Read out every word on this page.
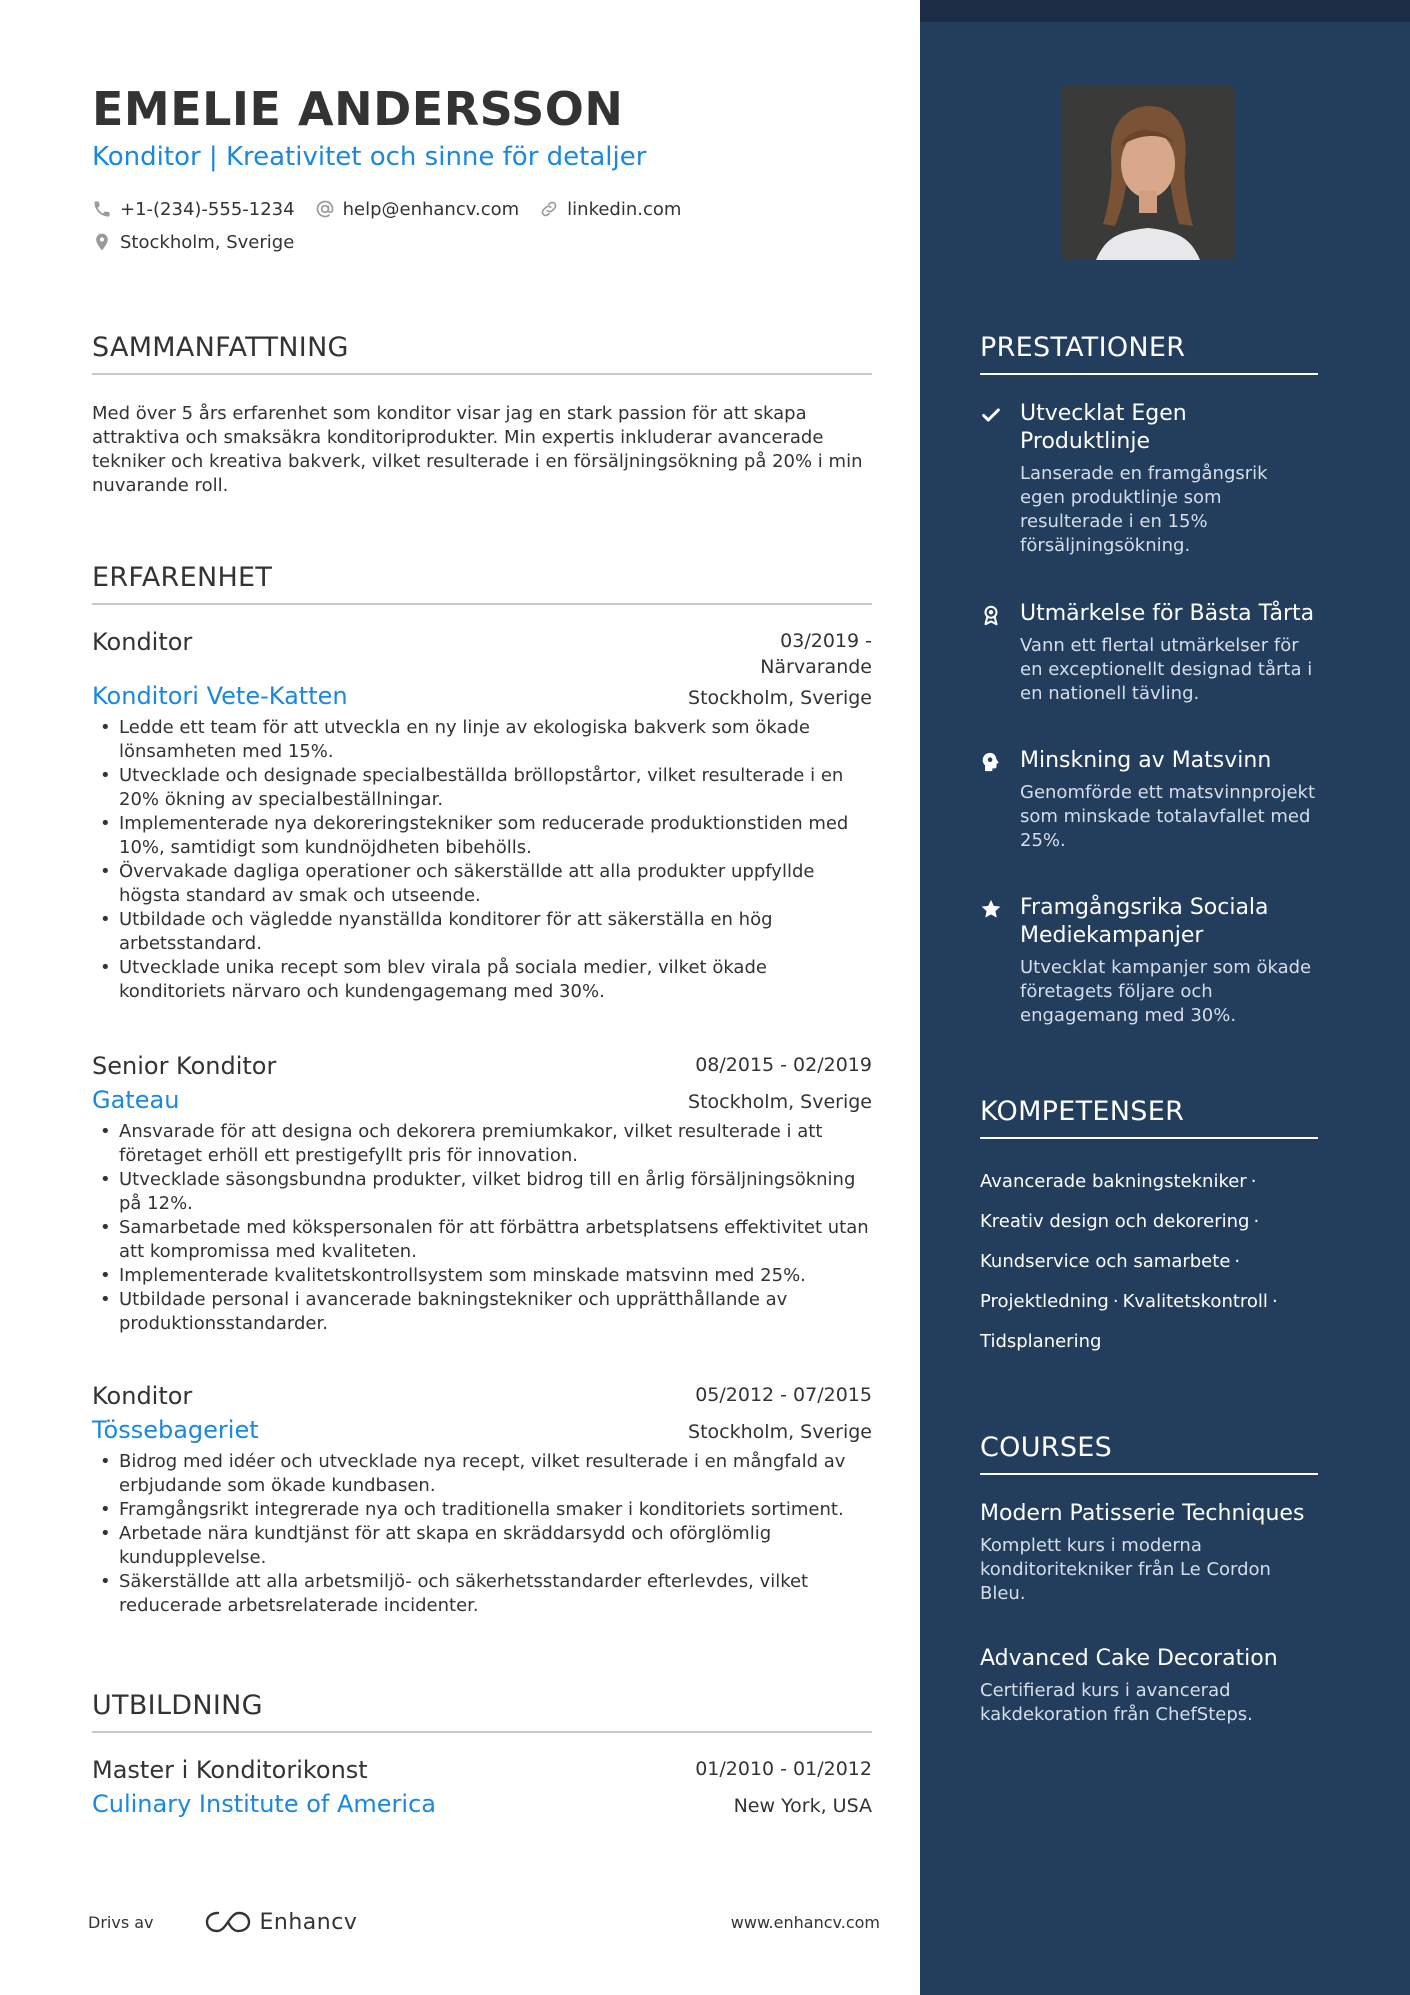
EMELIE ANDERSSON
Konditor | Kreativitet och sinne för detaljer
+1-(234)-555-1234	help@enhancv.com	linkedin.com
Stockholm, Sverige
SAMMANFATTNING
Med över 5 års erfarenhet som konditor visar jag en stark passion för att skapa attraktiva och smaksäkra konditoriprodukter. Min expertis inkluderar avancerade tekniker och kreativa bakverk, vilket resulterade i en försäljningsökning på 20% i min nuvarande roll.
ERFARENHET
Konditor	03/2019 - Närvarande
Konditori Vete-Katten	Stockholm, Sverige
• Ledde ett team för att utveckla en ny linje av ekologiska bakverk som ökade lönsamheten med 15%.
• Utvecklade och designade specialbeställda bröllopstårtor, vilket resulterade i en 20% ökning av specialbeställningar.
• Implementerade nya dekoreringstekniker som reducerade produktionstiden med 10%, samtidigt som kundnöjdheten bibehölls.
• Övervakade dagliga operationer och säkerställde att alla produkter uppfyllde högsta standard av smak och utseende.
• Utbildade och vägledde nyanställda konditorer för att säkerställa en hög arbetsstandard.
• Utvecklade unika recept som blev virala på sociala medier, vilket ökade konditoriets närvaro och kundengagemang med 30%.
Senior Konditor	08/2015 - 02/2019
Gateau	Stockholm, Sverige
• Ansvarade för att designa och dekorera premiumkakor, vilket resulterade i att företaget erhöll ett prestigefyllt pris för innovation.
• Utvecklade säsongsbundna produkter, vilket bidrog till en årlig försäljningsökning på 12%.
• Samarbetade med kökspersonalen för att förbättra arbetsplatsens effektivitet utan att kompromissa med kvaliteten.
• Implementerade kvalitetskontrollsystem som minskade matsvinn med 25%.
• Utbildade personal i avancerade bakningstekniker och upprätthållande av produktionsstandarder.
Konditor	05/2012 - 07/2015
Tössebageriet	Stockholm, Sverige
• Bidrog med idéer och utvecklade nya recept, vilket resulterade i en mångfald av erbjudande som ökade kundbasen.
• Framgångsrikt integrerade nya och traditionella smaker i konditoriets sortiment.
• Arbetade nära kundtjänst för att skapa en skräddarsydd och oförglömlig kundupplevelse.
• Säkerställde att alla arbetsmiljö- och säkerhetsstandarder efterlevdes, vilket reducerade arbetsrelaterade incidenter.
UTBILDNING
Master i Konditorikonst	01/2010 - 01/2012
Culinary Institute of America	New York, USA
Drivs av	Enhancv	www.enhancv.com
PRESTATIONER
Utvecklat Egen Produktlinje
Lanserade en framgångsrik egen produktlinje som resulterade i en 15% försäljningsökning.
Utmärkelse för Bästa Tårta
Vann ett flertal utmärkelser för en exceptionellt designad tårta i en nationell tävling.
Minskning av Matsvinn
Genomförde ett matsvinnprojekt som minskade totalavfallet med 25%.
Framgångsrika Sociala Mediekampanjer
Utvecklat kampanjer som ökade företagets följare och engagemang med 30%.
KOMPETENSER
Avancerade bakningstekniker ·
Kreativ design och dekorering ·
Kundservice och samarbete ·
Projektledning · Kvalitetskontroll ·
Tidsplanering
COURSES
Modern Patisserie Techniques
Komplett kurs i moderna konditoritekniker från Le Cordon Bleu.
Advanced Cake Decoration
Certifierad kurs i avancerad kakdekoration från ChefSteps.
